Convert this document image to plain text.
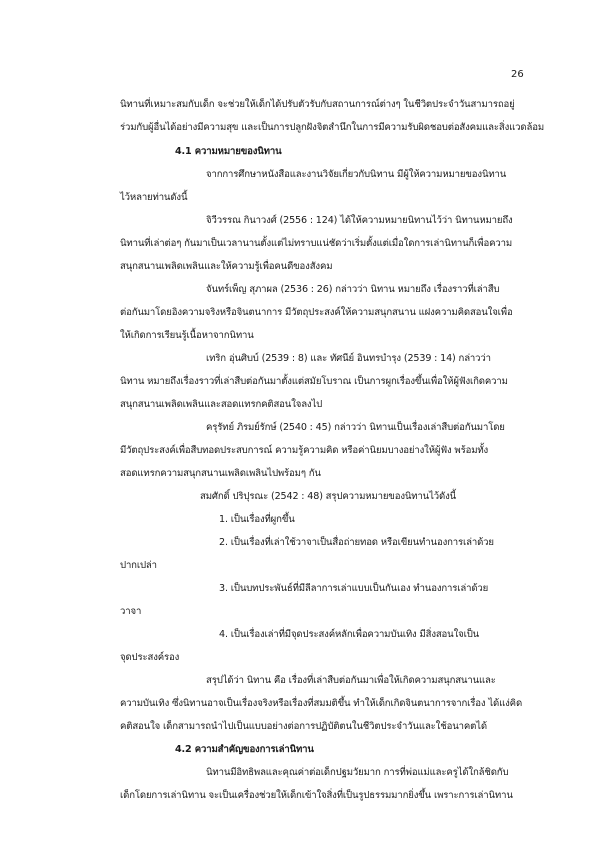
26
นิทานที่เหมาะสมกับเด็ก จะช่วยให้เด็กได้ปรับตัวรับกับสถานการณ์ต่างๆ ในชีวิตประจำวันสามารถอยู่
ร่วมกับผู้อื่นได้อย่างมีความสุข และเป็นการปลูกฝังจิตสำนึกในการมีความรับผิดชอบต่อสังคมและสิ่งแวดล้อม
4.1 ความหมายของนิทาน
จากการศึกษาหนังสือและงานวิจัยเกี่ยวกับนิทาน มีผู้ให้ความหมายของนิทาน
ไว้หลายท่านดังนี้
จิวีวรรณ กินาวงศ์ (2556 : 124) ได้ให้ความหมายนิทานไว้ว่า นิทานหมายถึง
นิทานที่เล่าต่อๆ กันมาเป็นเวลานานตั้งแต่ไม่ทราบแน่ชัดว่าเริ่มตั้งแต่เมื่อใดการเล่านิทานก็เพื่อความ
สนุกสนานเพลิดเพลินและให้ความรู้เพื่อคนดีของสังคม
จันทร์เพ็ญ สุภาผล (2536 : 26) กล่าวว่า นิทาน หมายถึง เรื่องราวที่เล่าสืบ
ต่อกันมาโดยอิงความจริงหรือจินตนาการ มีวัตถุประสงค์ให้ความสนุกสนาน แฝงความคิดสอนใจเพื่อ
ให้เกิดการเรียนรู้เนื้อหาจากนิทาน
เทริก อุ่นศิบบ์ (2539 : 8) และ ทัศนีย์ อินทรบำรุง (2539 : 14) กล่าวว่า
นิทาน หมายถึงเรื่องราวที่เล่าสืบต่อกันมาตั้งแต่สมัยโบราณ เป็นการผูกเรื่องขึ้นเพื่อให้ผู้ฟังเกิดความ
สนุกสนานเพลิดเพลินและสอดแทรกคติสอนใจลงไป
ครุรัทย์ ภิรมย์รักษ์ (2540 : 45) กล่าวว่า นิทานเป็นเรื่องเล่าสืบต่อกันมาโดย
มีวัตถุประสงค์เพื่อสืบทอดประสบการณ์ ความรู้ความคิด หรือค่านิยมบางอย่างให้ผู้ฟัง พร้อมทั้ง
สอดแทรกความสนุกสนานเพลิดเพลินไปพร้อมๆ กัน
สมศักดิ์ ปริปุรณะ (2542 : 48) สรุปความหมายของนิทานไว้ดังนี้
1. เป็นเรื่องที่ผูกขึ้น
2. เป็นเรื่องที่เล่าใช้วาจาเป็นสื่อถ่ายทอด หรือเขียนทำนองการเล่าด้วย
ปากเปล่า
3. เป็นบทประพันธ์ที่มีลีลาการเล่าแบบเป็นกันเอง ทำนองการเล่าด้วย
วาจา
4. เป็นเรื่องเล่าที่มีจุดประสงค์หลักเพื่อความบันเทิง มีสิ่งสอนใจเป็น
จุดประสงค์รอง
สรุปได้ว่า นิทาน คือ เรื่องที่เล่าสืบต่อกันมาเพื่อให้เกิดความสนุกสนานและ
ความบันเทิง ซึ่งนิทานอาจเป็นเรื่องจริงหรือเรื่องที่สมมติขึ้น ทำให้เด็กเกิดจินตนาการจากเรื่อง ได้แง่คิด
คติสอนใจ เด็กสามารถนำไปเป็นแบบอย่างต่อการปฏิบัติตนในชีวิตประจำวันและใช้อนาคตได้
4.2 ความสำคัญของการเล่านิทาน
นิทานมีอิทธิพลและคุณค่าต่อเด็กปฐมวัยมาก การที่พ่อแม่และครูได้ใกล้ชิดกับ
เด็กโดยการเล่านิทาน จะเป็นเครื่องช่วยให้เด็กเข้าใจสิ่งที่เป็นรูปธรรมมากยิ่งขึ้น เพราะการเล่านิทาน
